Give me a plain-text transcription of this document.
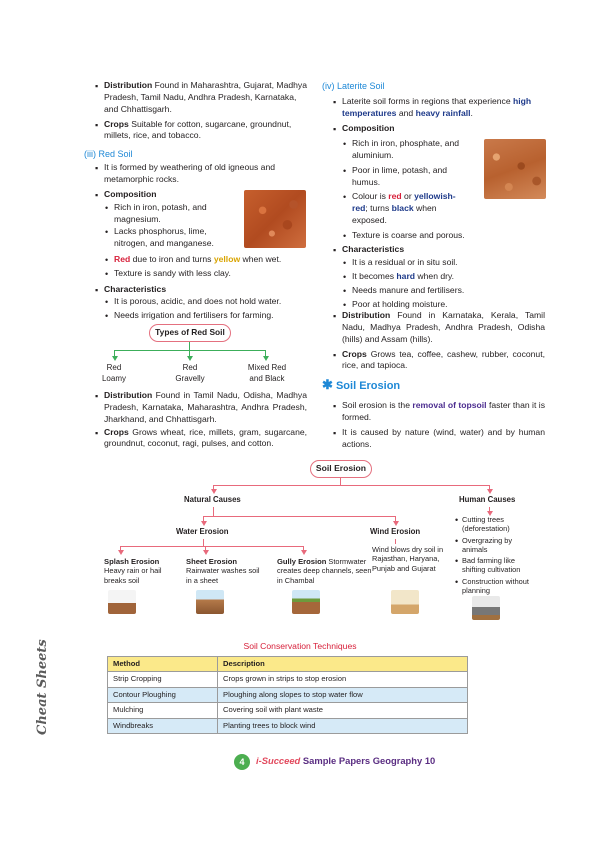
▪
Distribution Found in Maharashtra, Gujarat, Madhya Pradesh, Tamil Nadu, Andhra Pradesh, Karnataka, and Chhattisgarh.
▪
Crops Suitable for cotton, sugarcane, groundnut, millets, rice, and tobacco.
(iii) Red Soil
▪
It is formed by weathering of old igneous and metamorphic rocks.
▪
Composition
•
Rich in iron, potash, and magnesium.
•
Lacks phosphorus, lime, nitrogen, and manganese.
•
Red due to iron and turns yellow when wet.
•
Texture is sandy with less clay.
▪
Characteristics
•
It is porous, acidic, and does not hold water.
•
Needs irrigation and fertilisers for farming.
Types of Red Soil
Red
Loamy
Red
Gravelly
Mixed Red
and Black
▪
Distribution Found in Tamil Nadu, Odisha, Madhya Pradesh, Karnataka, Maharashtra, Andhra Pradesh, Jharkhand, and Chhattisgarh.
▪
Crops Grows wheat, rice, millets, gram, sugarcane, groundnut, coconut, ragi, pulses, and cotton.
(iv) Laterite Soil
▪
Laterite soil forms in regions that experience high temperatures and heavy rainfall.
▪
Composition
•
Rich in iron, phosphate, and aluminium.
•
Poor in lime, potash, and humus.
•
Colour is red or yellowish-red; turns black when exposed.
•
Texture is coarse and porous.
▪
Characteristics
•
It is a residual or in situ soil.
•
It becomes hard when dry.
•
Needs manure and fertilisers.
•
Poor at holding moisture.
▪
Distribution Found in Karnataka, Kerala, Tamil Nadu, Madhya Pradesh, Andhra Pradesh, Odisha (hills) and Assam (hills).
▪
Crops Grows tea, coffee, cashew, rubber, coconut, rice, and tapioca.
✱ Soil Erosion
▪
Soil erosion is the removal of topsoil faster than it is formed.
▪
It is caused by nature (wind, water) and by human actions.
Soil Erosion
Natural Causes	Human Causes
Water Erosion	Wind Erosion
Splash Erosion
Heavy rain or hail breaks soil
Sheet Erosion
Rainwater washes soil in a sheet
Gully Erosion Stormwater creates deep channels, seen in Chambal
Wind blows dry soil in Rajasthan, Haryana, Punjab and Gujarat
•
Cutting trees (deforestation)
•
Overgrazing by animals
•
Bad farming like shifting cultivation
•
Construction without planning
Soil Conservation Techniques
Method	Description
Strip Cropping	Crops grown in strips to stop erosion
Contour Ploughing	Ploughing along slopes to stop water flow
Mulching	Covering soil with plant waste
Windbreaks	Planting trees to block wind
Cheat Sheets
4	i-Succeed Sample Papers Geography 10
